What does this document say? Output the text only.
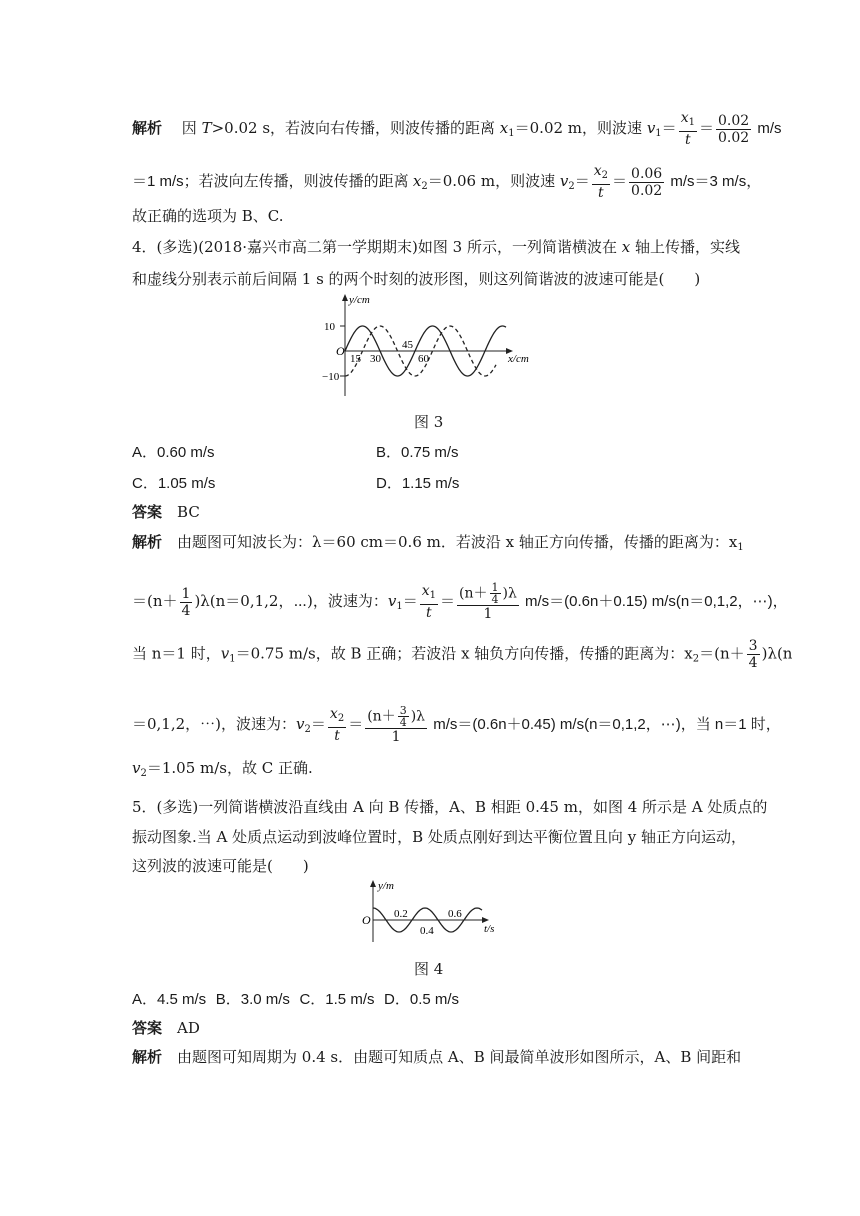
解析　 因 T>0.02 s，若波向右传播，则波传播的距离 $x_1=0.02$ m，则波速 $v_1= \frac{x_1}{t} = \frac{0.02}{0.02} m/s$
＝1 m/s；若波向左传播，则波传播的距离 $x_2=0.06$ m，则波速 $v_2= \frac{x_2}{t} = \frac{0.06}{0.02} m/s=3$ m/s，
故正确的选项为 B、C.
4．(多选)(2018·嘉兴市高二第一学期期末)如图 3 所示，一列简谐横波在 x 轴上传播，实线
和虚线分别表示前后间隔 1 s 的两个时刻的波形图，则这列简谐波的波速可能是(　　)
y/cm
x/cm
O
10
−10
15 30
45
60
图 3
A．0.60 m/s	B．0.75 m/s
C．1.05 m/s	D．1.15 m/s
答案　 BC
解析　 由题图可知波长为：λ＝60 cm＝0.6 m．若波沿 x 轴正方向传播，传播的距离为：$x_1$
$=(n+ \frac{1}{4} )\lambda(n=0,1,2$，⋯)，波速为：$v_1= \frac{x_1}{t} = \frac{(n+ \frac{1}{4} )\lambda}{1} m/s=(0.6n+0.15)$ m/s(n＝0,1,2，⋯)，
当 n＝1 时，$v_1=0.75$ m/s，故 B 正确；若波沿 x 轴负方向传播，传播的距离为：$x_2=(n+ \frac{3}{4} )\lambda(n$
＝0,1,2，⋯)，波速为：$v_2= \frac{x_2}{t} = \frac{(n+ \frac{3}{4} )\lambda}{1} m/s=(0.6n+0.45)$ m/s(n＝0,1,2，⋯)，当 n＝1 时，
$v_2=1.05$ m/s，故 C 正确.
5．(多选)一列简谐横波沿直线由 A 向 B 传播，A、B 相距 0.45 m，如图 4 所示是 A 处质点的
振动图象.当 A 处质点运动到波峰位置时，B 处质点刚好到达平衡位置且向 y 轴正方向运动，
这列波的波速可能是(　　)
y/m
t/s
O 0.2
0.4
0.6
图 4
A．4.5 m/s B．3.0 m/s C．1.5 m/s D．0.5 m/s
答案　 AD
解析　 由题图可知周期为 0.4 s．由题可知质点 A、B 间最简单波形如图所示，A、B 间距和
